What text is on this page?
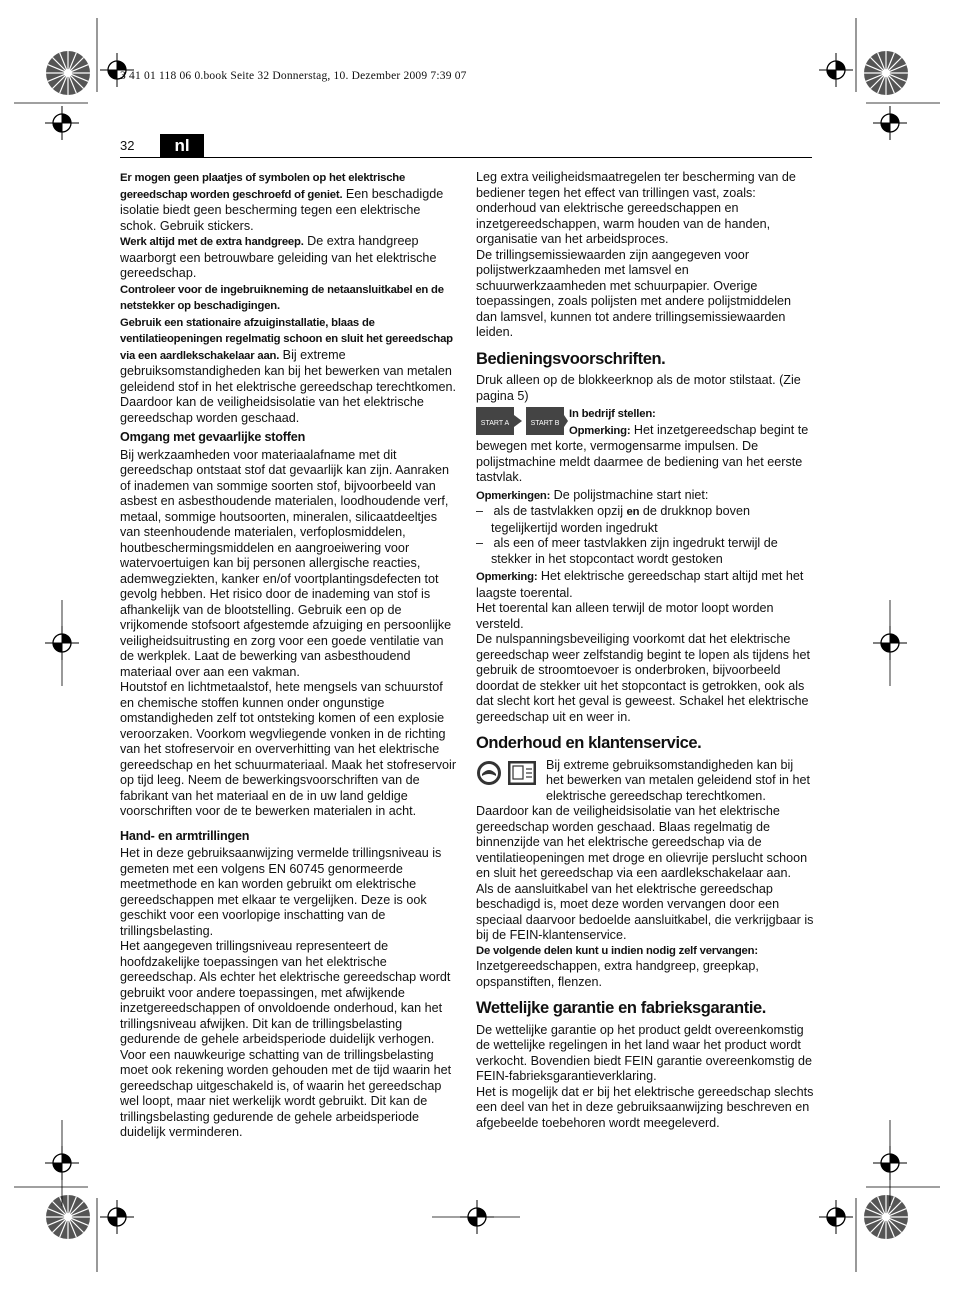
3 41 01 118 06 0.book Seite 32 Donnerstag, 10. Dezember 2009 7:39 07
32	nl

Er mogen geen plaatjes of symbolen op het elektrische gereedschap worden geschroefd of geniet. Een beschadigde isolatie biedt geen bescherming tegen een elektrische schok. Gebruik stickers.

Werk altijd met de extra handgreep. De extra handgreep waarborgt een betrouwbare geleiding van het elektrische gereedschap.

Controleer voor de ingebruikneming de netaansluitkabel en de netstekker op beschadigingen.

Gebruik een stationaire afzuiginstallatie, blaas de ventilatieopeningen regelmatig schoon en sluit het gereedschap via een aardlekschakelaar aan. Bij extreme gebruiksomstandigheden kan bij het bewerken van metalen geleidend stof in het elektrische gereedschap terechtkomen. Daardoor kan de veiligheidsisolatie van het elektrische gereedschap worden geschaad.

Omgang met gevaarlijke stoffen

Bij werkzaamheden voor materiaalafname met dit gereedschap ontstaat stof dat gevaarlijk kan zijn. Aanraken of inademen van sommige soorten stof, bijvoorbeeld van asbest en asbesthoudende materialen, loodhoudende verf, metaal, sommige houtsoorten, mineralen, silicaatdeeltjes van steenhoudende materialen, verfoplosmiddelen, houtbeschermingsmiddelen en aangroeiwering voor watervoertuigen kan bij personen allergische reacties, ademwegziekten, kanker en/of voortplantingsdefecten tot gevolg hebben. Het risico door de inademing van stof is afhankelijk van de blootstelling. Gebruik een op de vrijkomende stofsoort afgestemde afzuiging en persoonlijke veiligheidsuitrusting en zorg voor een goede ventilatie van de werkplek. Laat de bewerking van asbesthoudend materiaal over aan een vakman.

Houtstof en lichtmetaalstof, hete mengsels van schuurstof en chemische stoffen kunnen onder ongunstige omstandigheden zelf tot ontsteking komen of een explosie veroorzaken. Voorkom wegvliegende vonken in de richting van het stofreservoir en oververhitting van het elektrische gereedschap en het schuurmateriaal. Maak het stofreservoir op tijd leeg. Neem de bewerkingsvoorschriften van de fabrikant van het materiaal en de in uw land geldige voorschriften voor de te bewerken materialen in acht.

Hand- en armtrillingen

Het in deze gebruiksaanwijzing vermelde trillingsniveau is gemeten met een volgens EN 60745 genormeerde meetmethode en kan worden gebruikt om elektrische gereedschappen met elkaar te vergelijken. Deze is ook geschikt voor een voorlopige inschatting van de trillingsbelasting.

Het aangegeven trillingsniveau representeert de hoofdzakelijke toepassingen van het elektrische gereedschap. Als echter het elektrische gereedschap wordt gebruikt voor andere toepassingen, met afwijkende inzetgereedschappen of onvoldoende onderhoud, kan het trillingsniveau afwijken. Dit kan de trillingsbelasting gedurende de gehele arbeidsperiode duidelijk verhogen.

Voor een nauwkeurige schatting van de trillingsbelasting moet ook rekening worden gehouden met de tijd waarin het gereedschap uitgeschakeld is, of waarin het gereedschap wel loopt, maar niet werkelijk wordt gebruikt. Dit kan de trillingsbelasting gedurende de gehele arbeidsperiode duidelijk verminderen.

Leg extra veiligheidsmaatregelen ter bescherming van de bediener tegen het effect van trillingen vast, zoals: onderhoud van elektrische gereedschappen en inzetgereedschappen, warm houden van de handen, organisatie van het arbeidsproces.

De trillingsemissiewaarden zijn aangegeven voor polijstwerkzaamheden met lamsvel en schuurwerkzaamheden met schuurpapier. Overige toepassingen, zoals polijsten met andere polijstmiddelen dan lamsvel, kunnen tot andere trillingsemissiewaarden leiden.

Bedieningsvoorschriften.

Druk alleen op de blokkeerknop als de motor stilstaat. (Zie pagina 5)

START A	START B

In bedrijf stellen:

Opmerking: Het inzetgereedschap begint te bewegen met korte, vermogensarme impulsen. De polijstmachine meldt daarmee de bediening van het eerste tastvlak.

Opmerkingen: De polijstmachine start niet:

–   als de tastvlakken opzij en de drukknop boven tegelijkertijd worden ingedrukt

–   als een of meer tastvlakken zijn ingedrukt terwijl de stekker in het stopcontact wordt gestoken

Opmerking: Het elektrische gereedschap start altijd met het laagste toerental.

Het toerental kan alleen terwijl de motor loopt worden versteld.

De nulspanningsbeveiliging voorkomt dat het elektrische gereedschap weer zelfstandig begint te lopen als tijdens het gebruik de stroomtoevoer is onderbroken, bijvoorbeeld doordat de stekker uit het stopcontact is getrokken, ook als dat slecht kort het geval is geweest. Schakel het elektrische gereedschap uit en weer in.

Onderhoud en klantenservice.

Bij extreme gebruiksomstandigheden kan bij het bewerken van metalen geleidend stof in het elektrische gereedschap terechtkomen.

Daardoor kan de veiligheidsisolatie van het elektrische gereedschap worden geschaad. Blaas regelmatig de binnenzijde van het elektrische gereedschap via de ventilatieopeningen met droge en olievrije perslucht schoon en sluit het gereedschap via een aardlekschakelaar aan.

Als de aansluitkabel van het elektrische gereedschap beschadigd is, moet deze worden vervangen door een speciaal daarvoor bedoelde aansluitkabel, die verkrijgbaar is bij de FEIN-klantenservice.

De volgende delen kunt u indien nodig zelf vervangen:

Inzetgereedschappen, extra handgreep, greepkap, opspanstiften, flenzen.

Wettelijke garantie en fabrieksgarantie.

De wettelijke garantie op het product geldt overeenkomstig de wettelijke regelingen in het land waar het product wordt verkocht. Bovendien biedt FEIN garantie overeenkomstig de FEIN-fabrieksgarantieverklaring.

Het is mogelijk dat er bij het elektrische gereedschap slechts een deel van het in deze gebruiksaanwijzing beschreven en afgebeelde toebehoren wordt meegeleverd.
